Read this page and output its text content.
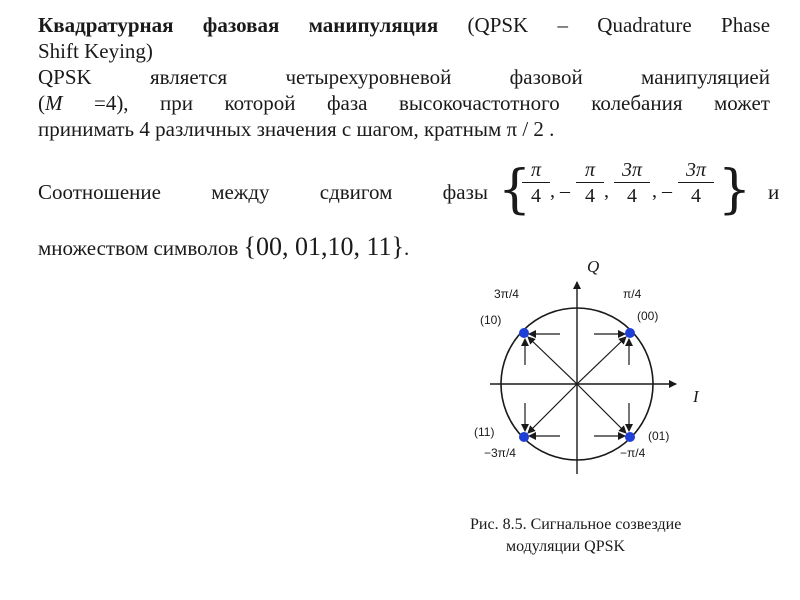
Квадратурная фазовая манипуляция (QPSK – Quadrature Phase
Shift Keying)
QPSK является четырехуровневой фазовой манипуляцией
(M =4), при которой фаза высокочастотного колебания может
принимать 4 различных значения с шагом, кратным π / 2 .
Соотношение между сдвигом фазы	и
{
$\frac{\pi}{4}$ , – $\frac{\pi}{4}$ , $\frac{3\pi}{4}$ , – $\frac{3\pi}{4}$ }
множеством символов {00, 01,10, 11}.
Q
I
π/4
(00)
3π/4
(10)
(11)
−3π/4
(01)
−π/4
Рис. 8.5. Сигнальное созвездие
модуляции QPSK
